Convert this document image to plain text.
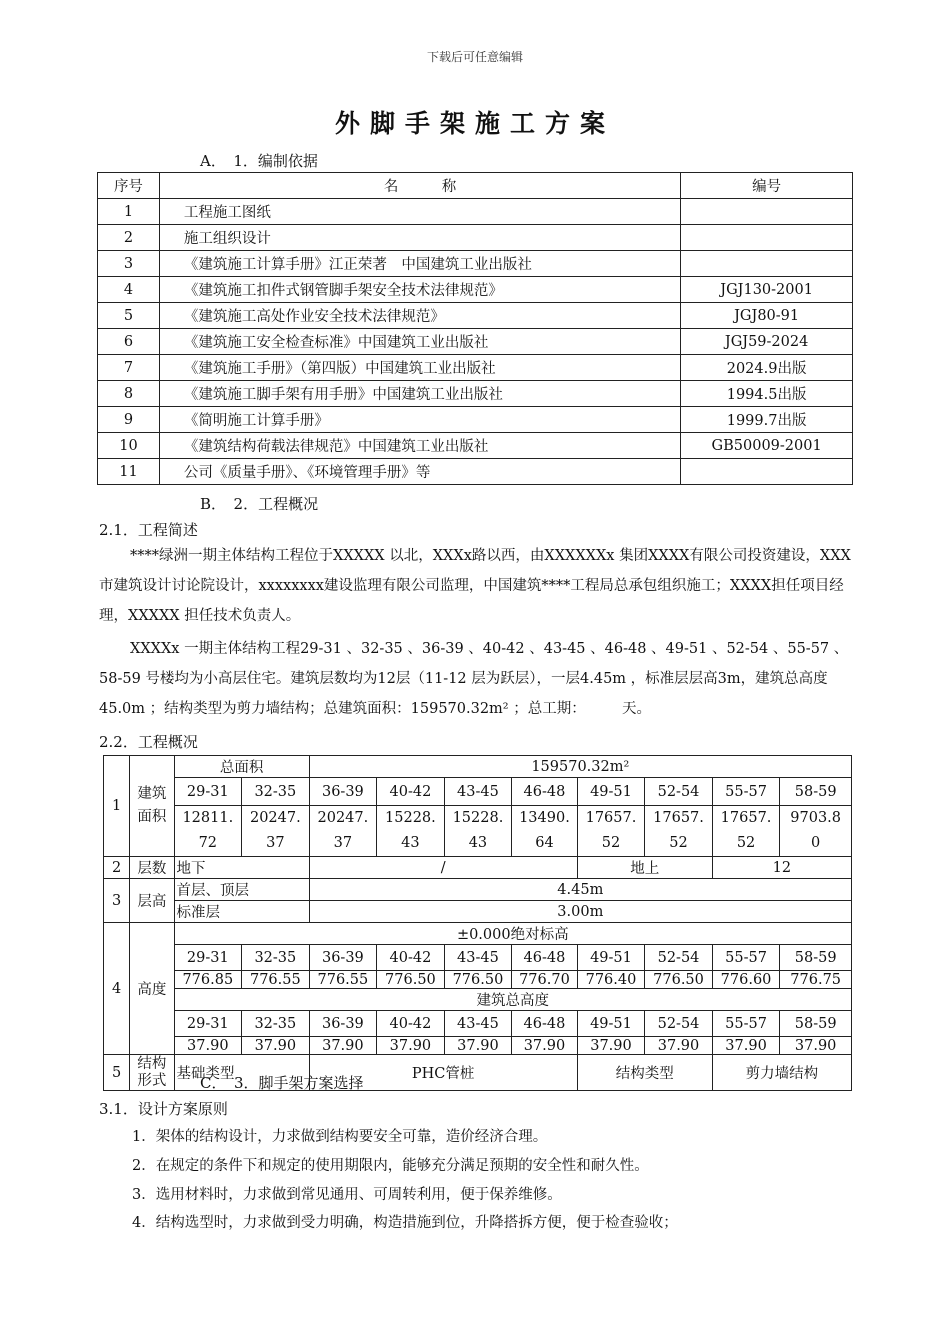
下载后可任意编辑
外脚手架施工方案
A．　1．编制依据
序号	名　　　称	编号
1	工程施工图纸	
2	施工组织设计	
3	《建筑施工计算手册》江正荣著　中国建筑工业出版社	
4	《建筑施工扣件式钢管脚手架安全技术法律规范》	JGJ130-2001
5	《建筑施工高处作业安全技术法律规范》	JGJ80-91
6	《建筑施工安全检查标准》中国建筑工业出版社	JGJ59-2024
7	《建筑施工手册》（第四版）中国建筑工业出版社	2024.9出版
8	《建筑施工脚手架有用手册》中国建筑工业出版社	1994.5出版
9	《简明施工计算手册》	1999.7出版
10	《建筑结构荷载法律规范》中国建筑工业出版社	GB50009-2001
11	公司《质量手册》、《环境管理手册》等	
B．　2．工程概况
2.1．工程简述
****绿洲一期主体结构工程位于XXXXX 以北，XXXx路以西，由XXXXXXx 集团XXXX有限公司投资建设，XXX 市建筑设计讨论院设计，xxxxxxxx建设监理有限公司监理，中国建筑****工程局总承包组织施工；XXXX担任项目经理，XXXXX 担任技术负责人。
XXXXx 一期主体结构工程29-31 、32-35 、36-39 、40-42 、43-45 、46-48 、49-51 、52-54 、55-57 、58-59 号楼均为小高层住宅。建筑层数均为12层（11-12 层为跃层），一层4.45m ，标准层层高3m，建筑总高度45.0m ；结构类型为剪力墙结构；总建筑面积：159570.32m² ；总工期：　　　天。
2.2．工程概况
1	建筑面积	总面积		159570.32m²							
		29-31	32-35	36-39	40-42	43-45	46-48	49-51	52-54	55-57	58-59
		12811.72	20247.37	20247.37	15228.43	15228.43	13490.64	17657.52	17657.52	17657.52	9703.80
2	层数	地下		/				地上		12	
3	层高	首层、顶层		4.45m							
		标准层		3.00m							
4	高度	±0.000绝对标高									
		29-31	32-35	36-39	40-42	43-45	46-48	49-51	52-54	55-57	58-59
		776.85	776.55	776.55	776.50	776.50	776.70	776.40	776.50	776.60	776.75
		建筑总高度									
		29-31	32-35	36-39	40-42	43-45	46-48	49-51	52-54	55-57	58-59
		37.90	37.90	37.90	37.90	37.90	37.90	37.90	37.90	37.90	37.90
5	结构形式	基础类型		PHC管桩				结构类型		剪力墙结构	
C．　3．脚手架方案选择
3.1．设计方案原则
1．架体的结构设计，力求做到结构要安全可靠，造价经济合理。
2．在规定的条件下和规定的使用期限内，能够充分满足预期的安全性和耐久性。
3．选用材料时，力求做到常见通用、可周转利用，便于保养维修。
4．结构选型时，力求做到受力明确，构造措施到位，升降搭拆方便，便于检查验收；
